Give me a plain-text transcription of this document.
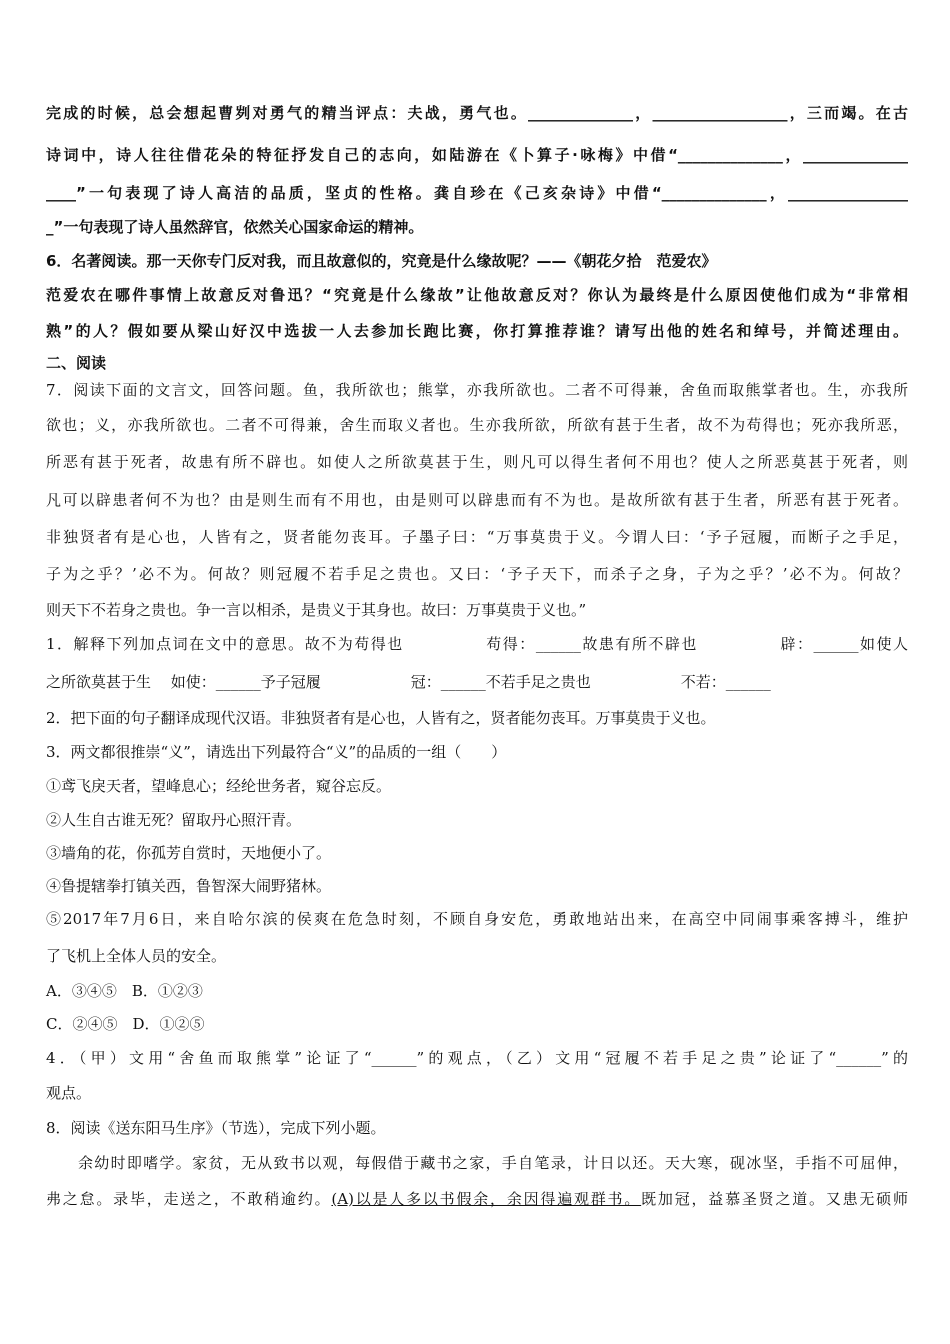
完成的时候，总会想起曹刿对勇气的精当评点：夫战，勇气也。______________，__________________，三而竭。在古
诗词中，诗人往往借花朵的特征抒发自己的志向，如陆游在《卜算子·咏梅》中借“______________，______________
____”一句表现了诗人高洁的品质，坚贞的性格。龚自珍在《己亥杂诗》中借“______________，________________
_”一句表现了诗人虽然辞官，依然关心国家命运的精神。
6．名著阅读。那一天你专门反对我，而且故意似的，究竟是什么缘故呢？——《朝花夕拾　范爱农》
范爱农在哪件事情上故意反对鲁迅？“究竟是什么缘故”让他故意反对？你认为最终是什么原因使他们成为“非常相
熟”的人？假如要从梁山好汉中选拔一人去参加长跑比赛，你打算推荐谁？请写出他的姓名和绰号，并简述理由。
二、阅读
7．阅读下面的文言文，回答问题。鱼，我所欲也；熊掌，亦我所欲也。二者不可得兼，舍鱼而取熊掌者也。生，亦我所
欲也；义，亦我所欲也。二者不可得兼，舍生而取义者也。生亦我所欲，所欲有甚于生者，故不为苟得也；死亦我所恶，
所恶有甚于死者，故患有所不辟也。如使人之所欲莫甚于生，则凡可以得生者何不用也？使人之所恶莫甚于死者，则
凡可以辟患者何不为也？由是则生而有不用也，由是则可以辟患而有不为也。是故所欲有甚于生者，所恶有甚于死者。
非独贤者有是心也，人皆有之，贤者能勿丧耳。子墨子曰：“万事莫贵于义。今谓人曰：‘予子冠履，而断子之手足，
子为之乎？’必不为。何故？则冠履不若手足之贵也。又曰：‘予子天下，而杀子之身，子为之乎？’必不为。何故？
则天下不若身之贵也。争一言以相杀，是贵义于其身也。故曰：万事莫贵于义也。”
1．解释下列加点词在文中的意思。故不为苟得也　　　　　苟得：______故患有所不辟也　　　　　辟：______如使人
之所欲莫甚于生　 如使：______予子冠履　　　　　　冠：______不若手足之贵也　　　　　　不若：______
2．把下面的句子翻译成现代汉语。非独贤者有是心也，人皆有之，贤者能勿丧耳。万事莫贵于义也。
3．两文都很推崇“义”，请选出下列最符合“义”的品质的一组（　　）
①鸢飞戾天者，望峰息心；经纶世务者，窥谷忘反。
②人生自古谁无死？留取丹心照汗青。
③墙角的花，你孤芳自赏时，天地便小了。
④鲁提辖拳打镇关西，鲁智深大闹野猪林。
⑤2017年7月6日，来自哈尔滨的侯爽在危急时刻，不顾自身安危，勇敢地站出来，在高空中同闹事乘客搏斗，维护
了飞机上全体人员的安全。
A．③④⑤　B．①②③
C．②④⑤　D．①②⑤
4．（甲）文用“舍鱼而取熊掌”论证了“______”的观点，（乙）文用“冠履不若手足之贵”论证了“______”的
观点。
8．阅读《送东阳马生序》（节选），完成下列小题。
余幼时即嗜学。家贫，无从致书以观，每假借于藏书之家，手自笔录，计日以还。天大寒，砚冰坚，手指不可屈伸，
弗之怠。录毕，走送之，不敢稍逾约。(A)以是人多以书假余，余因得遍观群书。既加冠，益慕圣贤之道。又患无硕师
